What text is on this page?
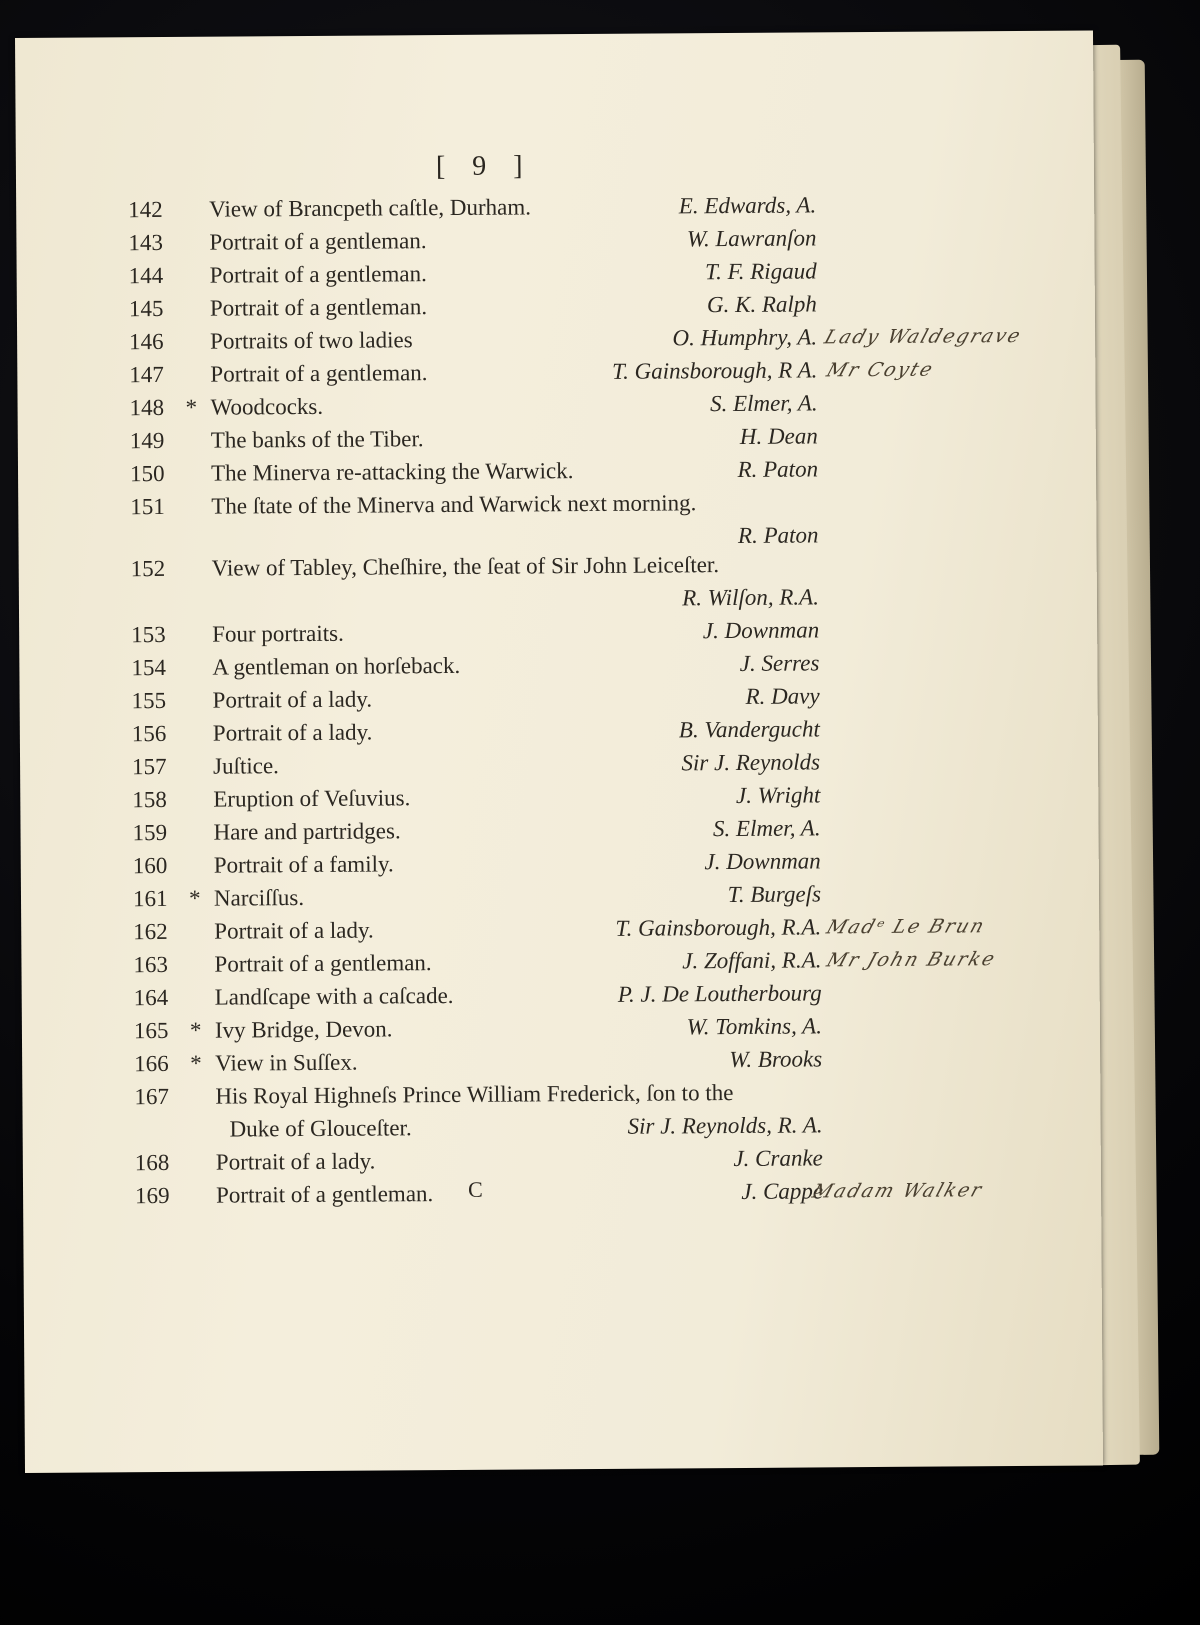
[ 9 ]
142	View of Brancpeth caſtle, Durham.	E. Edwards, A.
143	Portrait of a gentleman.	W. Lawranſon
144	Portrait of a gentleman.	T. F. Rigaud
145	Portrait of a gentleman.	G. K. Ralph
146	Portraits of two ladies	O. Humphry, A. Lady Waldegrave
147	Portrait of a gentleman.	T. Gainsborough, R A. Mr Coyte
148 * Woodcocks.	S. Elmer, A.
149	The banks of the Tiber.	H. Dean
150	The Minerva re-attacking the Warwick.	R. Paton
151	The ſtate of the Minerva and Warwick next morning.
R. Paton
152	View of Tabley, Cheſhire, the ſeat of Sir John Leiceſter.
R. Wilſon, R.A.
153	Four portraits.	J. Downman
154	A gentleman on horſeback.	J. Serres
155	Portrait of a lady.	R. Davy
156	Portrait of a lady.	B. Vandergucht
157	Juſtice.	Sir J. Reynolds
158	Eruption of Veſuvius.	J. Wright
159	Hare and partridges.	S. Elmer, A.
160	Portrait of a family.	J. Downman
161 * Narciſſus.	T. Burgeſs
162	Portrait of a lady.	T. Gainsborough, R.A. Madᵉ Le Brun
163	Portrait of a gentleman.	J. Zoffani, R.A. Mr John Burke
164	Landſcape with a caſcade.	P. J. De Loutherbourg
165 * Ivy Bridge, Devon.	W. Tomkins, A.
166 * View in Suſſex.	W. Brooks
167	His Royal Highneſs Prince William Frederick, ſon to the
Duke of Glouceſter.	Sir J. Reynolds, R. A.
168	Portrait of a lady.	J. Cranke
169	Portrait of a gentleman.	J. Cappe
Madam Walker
C
